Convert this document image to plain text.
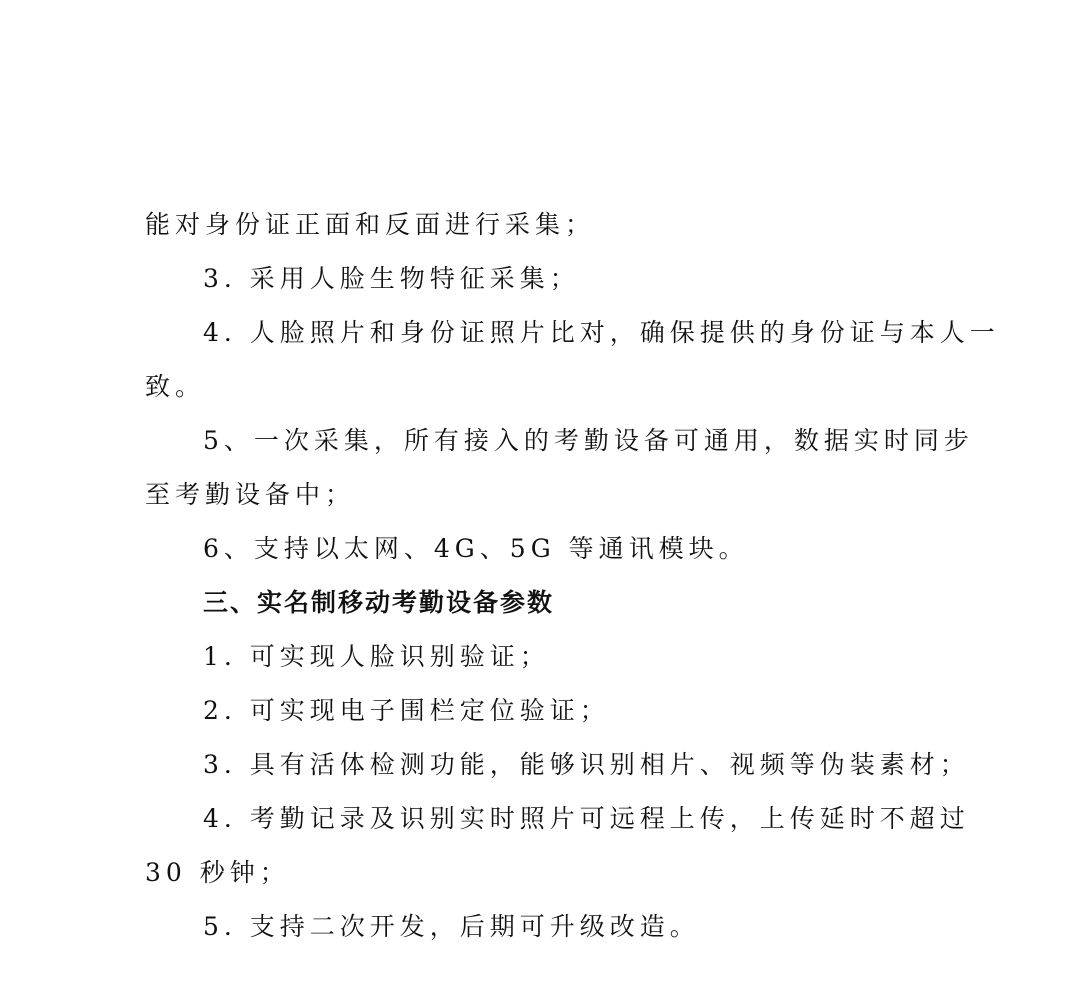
能对身份证正面和反面进行采集；

3. 采用人脸生物特征采集；

4. 人脸照片和身份证照片比对，确保提供的身份证与本人一

致。

5、一次采集，所有接入的考勤设备可通用，数据实时同步

至考勤设备中；

6、支持以太网、4G、5G 等通讯模块。

三、实名制移动考勤设备参数

1. 可实现人脸识别验证；

2. 可实现电子围栏定位验证；

3. 具有活体检测功能，能够识别相片、视频等伪装素材；

4. 考勤记录及识别实时照片可远程上传，上传延时不超过

30 秒钟；

5. 支持二次开发，后期可升级改造。
